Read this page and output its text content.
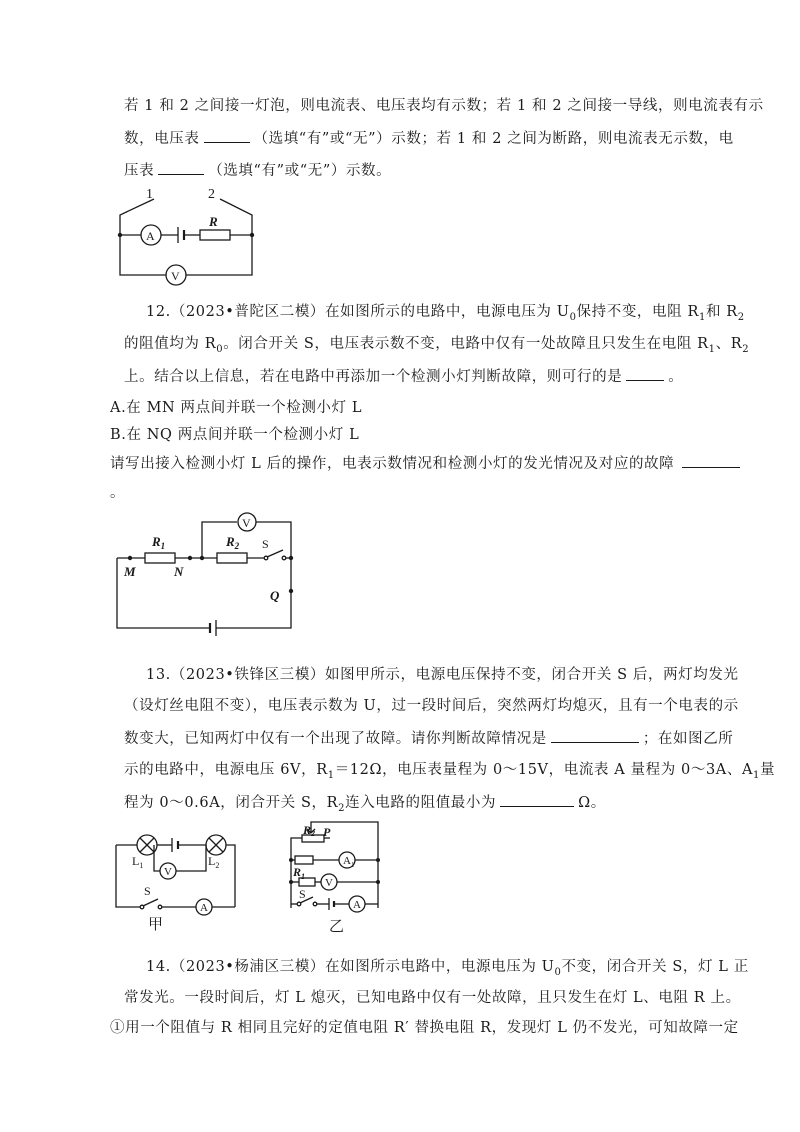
若 1 和 2 之间接一灯泡，则电流表、电压表均有示数；若 1 和 2 之间接一导线，则电流表有示
数，电压表	（选填“有”或“无”）示数；若 1 和 2 之间为断路，则电流表无示数，电
压表	（选填“有”或“无”）示数。
1	2
A
R
V
12.（2023•普陀区二模）在如图所示的电路中，电源电压为 $U_0$保持不变，电阻 $R_1$和 $R_2$
的阻值均为 $R_0$。闭合开关 S，电压表示数不变，电路中仅有一处故障且只发生在电阻 $R_1$、$R_2$
上。结合以上信息，若在电路中再添加一个检测小灯判断故障，则可行的是	。
A.在 MN 两点间并联一个检测小灯 L
B.在 NQ 两点间并联一个检测小灯 L
请写出接入检测小灯 L 后的操作，电表示数情况和检测小灯的发光情况及对应的故障
。
V
$R_1$	$R_2$ S
M	N
Q
13.（2023•铁锋区三模）如图甲所示，电源电压保持不变，闭合开关 S 后，两灯均发光
（设灯丝电阻不变），电压表示数为 U，过一段时间后，突然两灯均熄灭，且有一个电表的示
数变大，已知两灯中仅有一个出现了故障。请你判断故障情况是	；在如图乙所
示的电路中，电源电压 6V，$R_1=12\Omega$，电压表量程为 0～15V，电流表 A 量程为 0～3A、$A_1$量
程为 0～0.6A，闭合开关 S，$R_2$连入电路的阻值最小为	Ω。
$L_1$	$L_2$
V
S
A
甲
R2 P
$A_1$
$R_1$
V
S
A
乙
14.（2023•杨浦区三模）在如图所示电路中，电源电压为 $U_0$不变，闭合开关 S，灯 L 正
常发光。一段时间后，灯 L 熄灭，已知电路中仅有一处故障，且只发生在灯 L、电阻 R 上。
①用一个阻值与 R 相同且完好的定值电阻 R′ 替换电阻 R，发现灯 L 仍不发光，可知故障一定
